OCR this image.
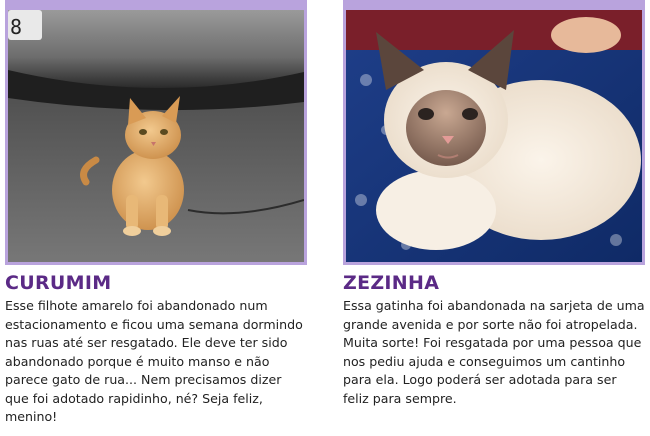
8
CURUMIM

Esse filhote amarelo foi abandonado num estacionamento e ficou uma semana dormindo nas ruas até ser resgatado. Ele deve ter sido abandonado porque é muito manso e não parece gato de rua... Nem precisamos dizer que foi adotado rapidinho, né? Seja feliz, menino!

ZEZINHA

Essa gatinha foi abandonada na sarjeta de uma grande avenida e por sorte não foi atropelada. Muita sorte! Foi resgatada por uma pessoa que nos pediu ajuda e conseguimos um cantinho para ela. Logo poderá ser adotada para ser feliz para sempre.
